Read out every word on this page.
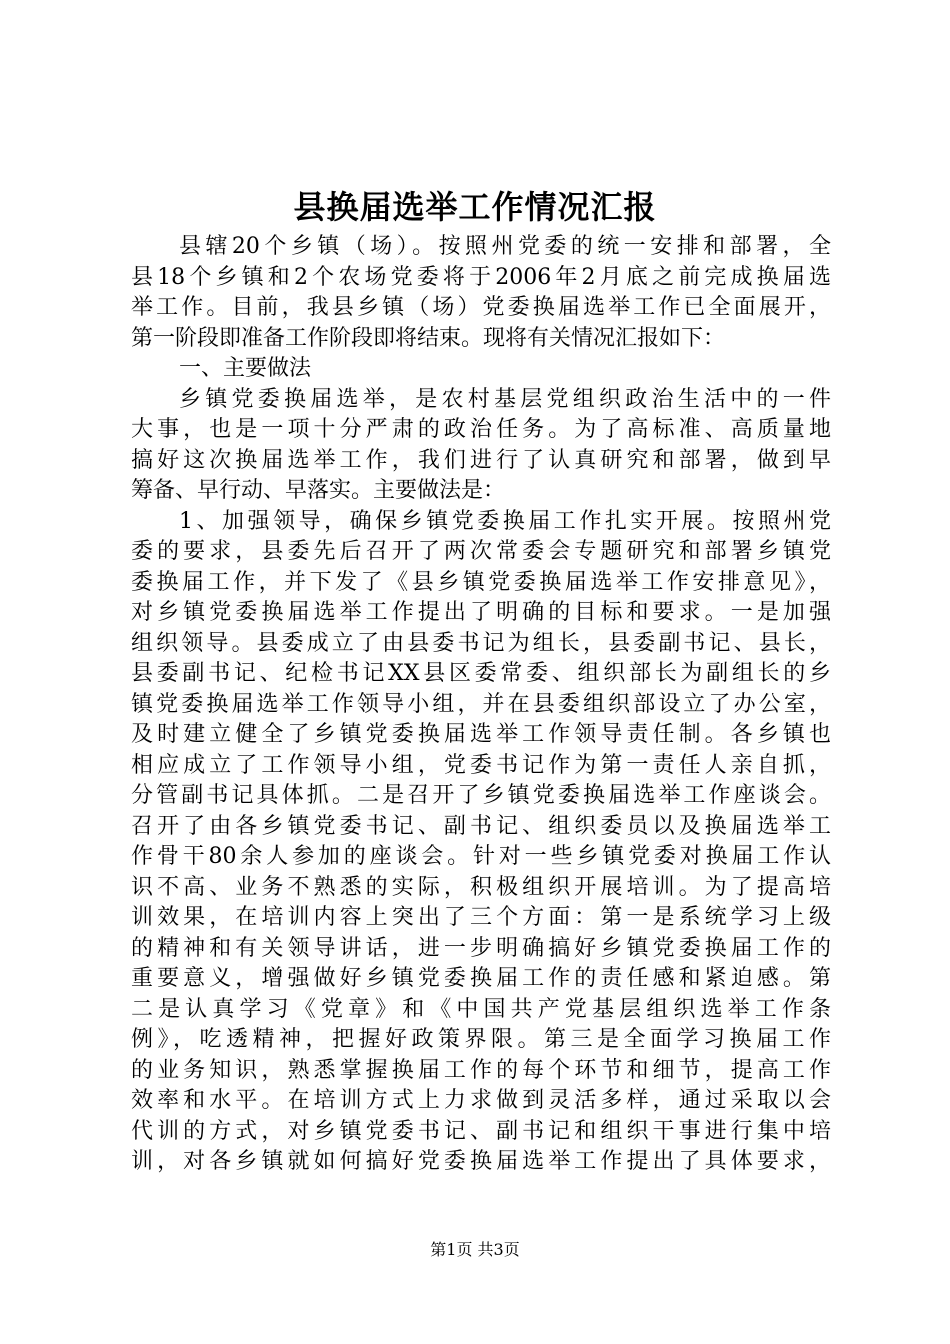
县换届选举工作情况汇报
县辖20个乡镇（场）。按照州党委的统一安排和部署，全
县18个乡镇和2个农场党委将于2006年2月底之前完成换届选
举工作。目前，我县乡镇（场）党委换届选举工作已全面展开，
第一阶段即准备工作阶段即将结束。现将有关情况汇报如下：
一、主要做法
乡镇党委换届选举，是农村基层党组织政治生活中的一件
大事，也是一项十分严肃的政治任务。为了高标准、高质量地
搞好这次换届选举工作，我们进行了认真研究和部署，做到早
筹备、早行动、早落实。主要做法是：
1、加强领导，确保乡镇党委换届工作扎实开展。按照州党
委的要求，县委先后召开了两次常委会专题研究和部署乡镇党
委换届工作，并下发了《县乡镇党委换届选举工作安排意见》，
对乡镇党委换届选举工作提出了明确的目标和要求。一是加强
组织领导。县委成立了由县委书记为组长，县委副书记、县长，
县委副书记、纪检书记XX县区委常委、组织部长为副组长的乡
镇党委换届选举工作领导小组，并在县委组织部设立了办公室，
及时建立健全了乡镇党委换届选举工作领导责任制。各乡镇也
相应成立了工作领导小组，党委书记作为第一责任人亲自抓，
分管副书记具体抓。二是召开了乡镇党委换届选举工作座谈会。
召开了由各乡镇党委书记、副书记、组织委员以及换届选举工
作骨干80余人参加的座谈会。针对一些乡镇党委对换届工作认
识不高、业务不熟悉的实际，积极组织开展培训。为了提高培
训效果，在培训内容上突出了三个方面：第一是系统学习上级
的精神和有关领导讲话，进一步明确搞好乡镇党委换届工作的
重要意义，增强做好乡镇党委换届工作的责任感和紧迫感。第
二是认真学习《党章》和《中国共产党基层组织选举工作条
例》，吃透精神，把握好政策界限。第三是全面学习换届工作
的业务知识，熟悉掌握换届工作的每个环节和细节，提高工作
效率和水平。在培训方式上力求做到灵活多样，通过采取以会
代训的方式，对乡镇党委书记、副书记和组织干事进行集中培
训，对各乡镇就如何搞好党委换届选举工作提出了具体要求，
第1页 共3页
